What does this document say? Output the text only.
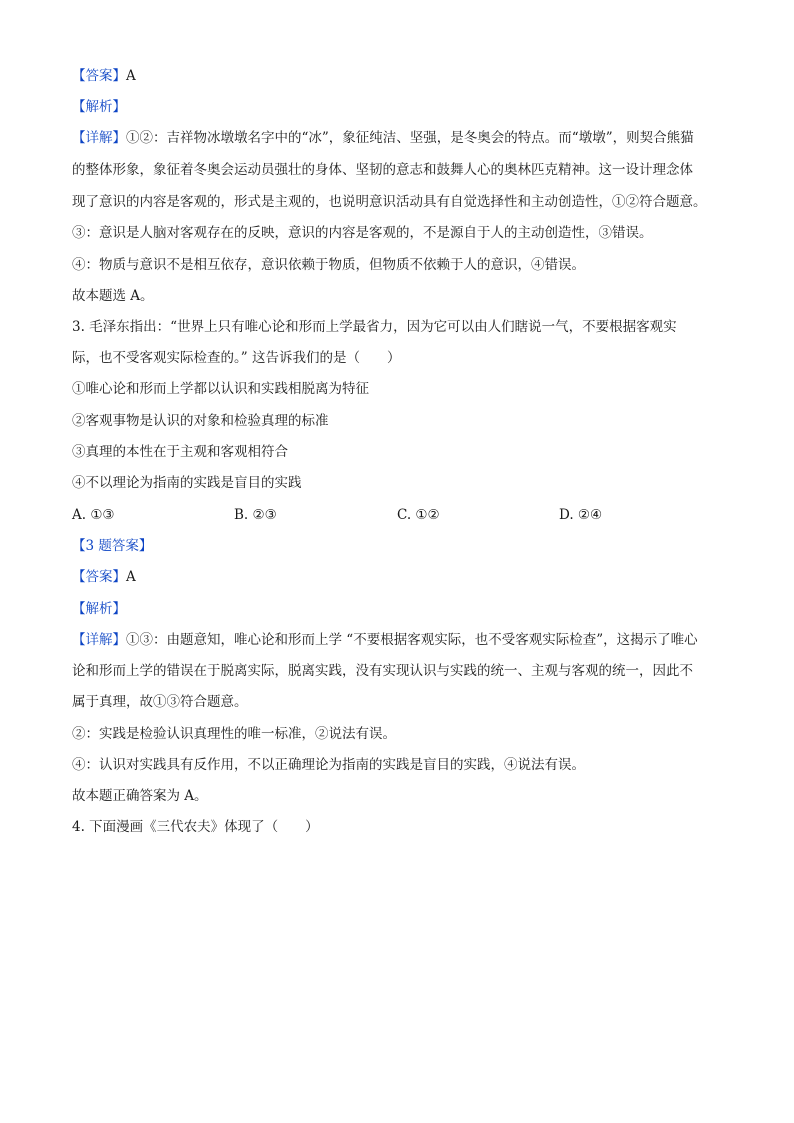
【答案】A
【解析】
【详解】①②：吉祥物冰墩墩名字中的“冰”，象征纯洁、坚强，是冬奥会的特点。而“墩墩”，则契合熊猫
的整体形象，象征着冬奥会运动员强壮的身体、坚韧的意志和鼓舞人心的奥林匹克精神。这一设计理念体
现了意识的内容是客观的，形式是主观的，也说明意识活动具有自觉选择性和主动创造性，①②符合题意。
③：意识是人脑对客观存在的反映，意识的内容是客观的，不是源自于人的主动创造性，③错误。
④：物质与意识不是相互依存，意识依赖于物质，但物质不依赖于人的意识，④错误。
故本题选 A。
3. 毛泽东指出：“世界上只有唯心论和形而上学最省力，因为它可以由人们瞎说一气，不要根据客观实
际，也不受客观实际检查的。” 这告诉我们的是（　　）
①唯心论和形而上学都以认识和实践相脱离为特征
②客观事物是认识的对象和检验真理的标准
③真理的本性在于主观和客观相符合
④不以理论为指南的实践是盲目的实践
A. ①③	B. ②③	C. ①②	D. ②④
【3 题答案】
【答案】A
【解析】
【详解】①③：由题意知，唯心论和形而上学 “不要根据客观实际，也不受客观实际检查”，这揭示了唯心
论和形而上学的错误在于脱离实际，脱离实践，没有实现认识与实践的统一、主观与客观的统一，因此不
属于真理，故①③符合题意。
②：实践是检验认识真理性的唯一标准，②说法有误。
④：认识对实践具有反作用，不以正确理论为指南的实践是盲目的实践，④说法有误。
故本题正确答案为 A。
4. 下面漫画《三代农夫》体现了（　　）
